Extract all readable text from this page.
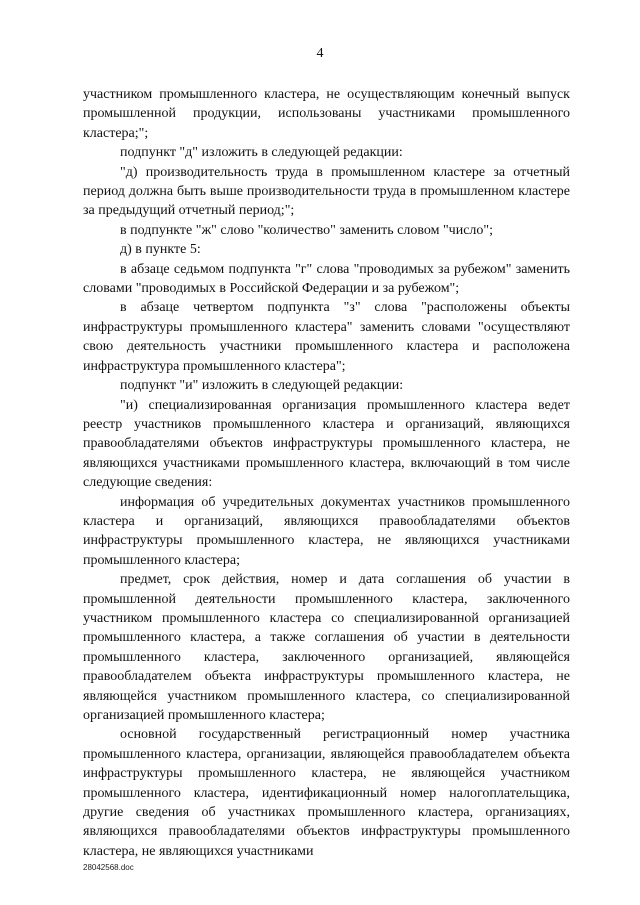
4

участником промышленного кластера, не осуществляющим конечный выпуск промышленной продукции, использованы участниками промышленного кластера;";

подпункт "д" изложить в следующей редакции:

"д) производительность труда в промышленном кластере за отчетный период должна быть выше производительности труда в промышленном кластере за предыдущий отчетный период;";

в подпункте "ж" слово "количество" заменить словом "число";

д) в пункте 5:

в абзаце седьмом подпункта "г" слова "проводимых за рубежом" заменить словами "проводимых в Российской Федерации и за рубежом";

в абзаце четвертом подпункта "з" слова "расположены объекты инфраструктуры промышленного кластера" заменить словами "осуществляют свою деятельность участники промышленного кластера и расположена инфраструктура промышленного кластера";

подпункт "и" изложить в следующей редакции:

"и) специализированная организация промышленного кластера ведет реестр участников промышленного кластера и организаций, являющихся правообладателями объектов инфраструктуры промышленного кластера, не являющихся участниками промышленного кластера, включающий в том числе следующие сведения:

информация об учредительных документах участников промышленного кластера и организаций, являющихся правообладателями объектов инфраструктуры промышленного кластера, не являющихся участниками промышленного кластера;

предмет, срок действия, номер и дата соглашения об участии в промышленной деятельности промышленного кластера, заключенного участником промышленного кластера со специализированной организацией промышленного кластера, а также соглашения об участии в деятельности промышленного кластера, заключенного организацией, являющейся правообладателем объекта инфраструктуры промышленного кластера, не являющейся участником промышленного кластера, со специализированной организацией промышленного кластера;

основной государственный регистрационный номер участника промышленного кластера, организации, являющейся правообладателем объекта инфраструктуры промышленного кластера, не являющейся участником промышленного кластера, идентификационный номер налогоплательщика, другие сведения об участниках промышленного кластера, организациях, являющихся правообладателями объектов инфраструктуры промышленного кластера, не являющихся участниками

28042568.doc
